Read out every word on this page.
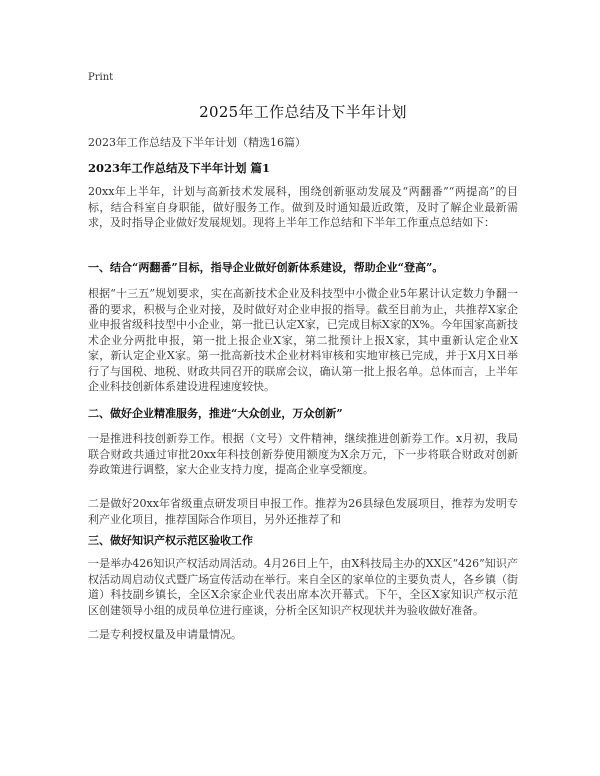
Print
2025年工作总结及下半年计划
2023年工作总结及下半年计划（精选16篇）
2023年工作总结及下半年计划 篇1
20xx年上半年，计划与高新技术发展科，围绕创新驱动发展及“两翻番”“两提高”的目标，结合科室自身职能，做好服务工作。做到及时通知最近政策，及时了解企业最新需求，及时指导企业做好发展规划。现将上半年工作总结和下半年工作重点总结如下：
一、结合“两翻番”目标，指导企业做好创新体系建设，帮助企业“登高”。
根据“十三五”规划要求，实在高新技术企业及科技型中小微企业5年累计认定数力争翻一番的要求，积极与企业对接，及时做好对企业申报的指导。截至目前为止，共推荐X家企业申报省级科技型中小企业，第一批已认定X家，已完成目标X家的X%。今年国家高新技术企业分两批申报，第一批上报企业X家，第二批预计上报X家，其中重新认定企业X家，新认定企业X家。第一批高新技术企业材料审核和实地审核已完成，并于X月X日举行了与国税、地税、财政共同召开的联席会议，确认第一批上报名单。总体而言，上半年企业科技创新体系建设进程速度较快。
二、做好企业精准服务，推进“大众创业，万众创新”
一是推进科技创新券工作。根据（文号）文件精神，继续推进创新券工作。x月初，我局联合财政共通过审批20xx年科技创新券使用额度为X余万元，下一步将联合财政对创新券政策进行调整，家大企业支持力度，提高企业享受额度。
二是做好20xx年省级重点研发项目申报工作。推荐为26县绿色发展项目，推荐为发明专利产业化项目，推荐国际合作项目，另外还推荐了和
三、做好知识产权示范区验收工作
一是举办426知识产权活动周活动。4月26日上午，由X科技局主办的XX区“426”知识产权活动周启动仪式暨广场宣传活动在举行。来自全区的家单位的主要负责人，各乡镇（街道）科技副乡镇长，全区X余家企业代表出席本次开幕式。下午，全区X家知识产权示范区创建领导小组的成员单位进行座谈，分析全区知识产权现状并为验收做好准备。
二是专利授权量及申请量情况。
